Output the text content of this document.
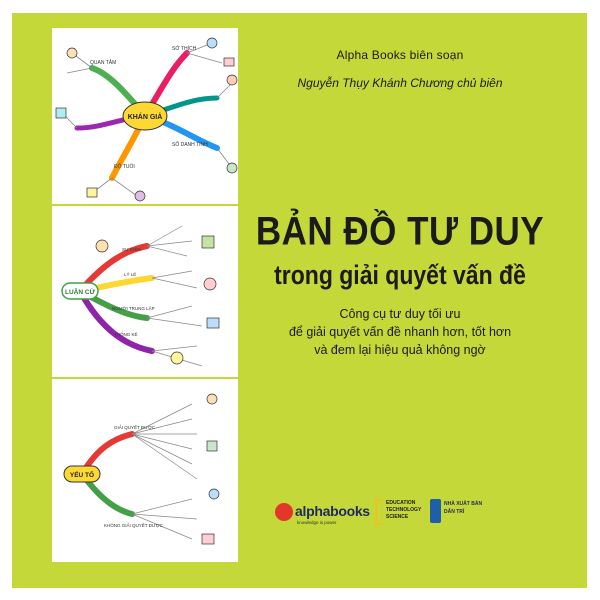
KHÁN GIẢ
QUAN TÂM
SỞ THÍCH
SỐ DANH TÍNH
ĐỘ TUỔI
LUẬN CỨ
SỰ KIỆN
LÝ LẼ
NGƯỜI TRUNG LẬP
THỐNG KÊ
YẾU TỐ
GIẢI QUYẾT ĐƯỢC
KHÔNG GIẢI QUYẾT ĐƯỢC
Alpha Books biên soạn
Nguyễn Thụy Khánh Chương chủ biên
BẢN ĐỒ TƯ DUY
trong giải quyết vấn đề
Công cụ tư duy tối ưu
để giải quyết vấn đề nhanh hơn, tốt hơn
và đem lại hiệu quả không ngờ
alphabooks
knowledge is power
EDUCATION
TECHNOLOGY
SCIENCE
NHÀ XUẤT BẢN
DÂN TRÍ
